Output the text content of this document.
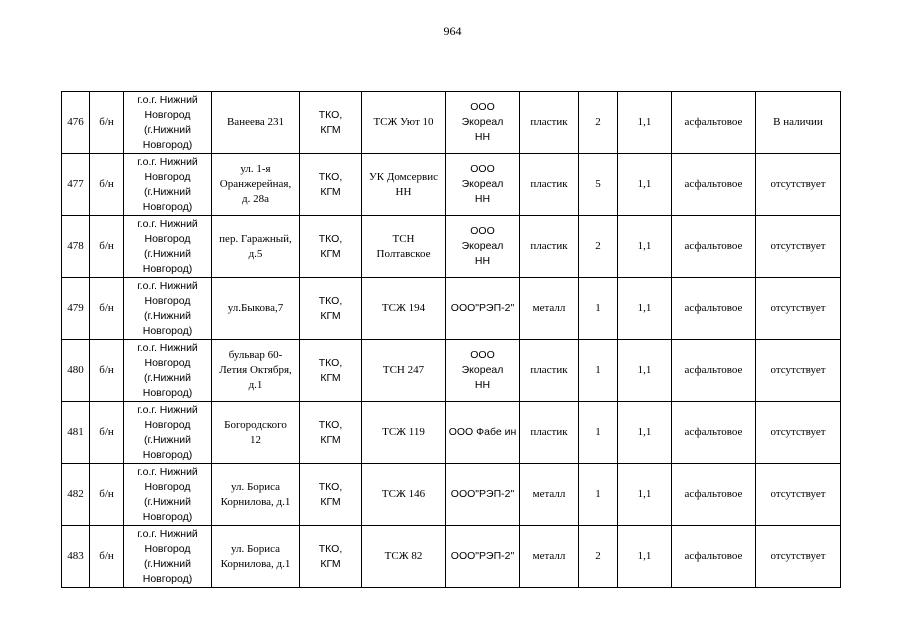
964
476	б/н	г.о.г. Нижний
Новгород
(г.Нижний
Новгород)	Ванеева 231	ТКО,
КГМ	ТСЖ Уют 10	ООО Экореал
НН	пластик	2	1,1	асфальтовое	В наличии
477	б/н	г.о.г. Нижний
Новгород
(г.Нижний
Новгород)	ул. 1-я
Оранжерейная,
д. 28а	ТКО,
КГМ	УК Домсервис
НН	ООО Экореал
НН	пластик	5	1,1	асфальтовое	отсутствует
478	б/н	г.о.г. Нижний
Новгород
(г.Нижний
Новгород)	пер. Гаражный,
д.5	ТКО,
КГМ	ТСН
Полтавское	ООО Экореал
НН	пластик	2	1,1	асфальтовое	отсутствует
479	б/н	г.о.г. Нижний
Новгород
(г.Нижний
Новгород)	ул.Быкова,7	ТКО,
КГМ	ТСЖ 194	ООО"РЭП-2"	металл	1	1,1	асфальтовое	отсутствует
480	б/н	г.о.г. Нижний
Новгород
(г.Нижний
Новгород)	бульвар 60-
Летия Октября,
д.1	ТКО,
КГМ	ТСН 247	ООО Экореал
НН	пластик	1	1,1	асфальтовое	отсутствует
481	б/н	г.о.г. Нижний
Новгород
(г.Нижний
Новгород)	Богородского
12	ТКО,
КГМ	ТСЖ 119	ООО Фабе ин	пластик	1	1,1	асфальтовое	отсутствует
482	б/н	г.о.г. Нижний
Новгород
(г.Нижний
Новгород)	ул. Бориса
Корнилова, д.1	ТКО,
КГМ	ТСЖ 146	ООО"РЭП-2"	металл	1	1,1	асфальтовое	отсутствует
483	б/н	г.о.г. Нижний
Новгород
(г.Нижний
Новгород)	ул. Бориса
Корнилова, д.1	ТКО,
КГМ	ТСЖ 82	ООО"РЭП-2"	металл	2	1,1	асфальтовое	отсутствует
